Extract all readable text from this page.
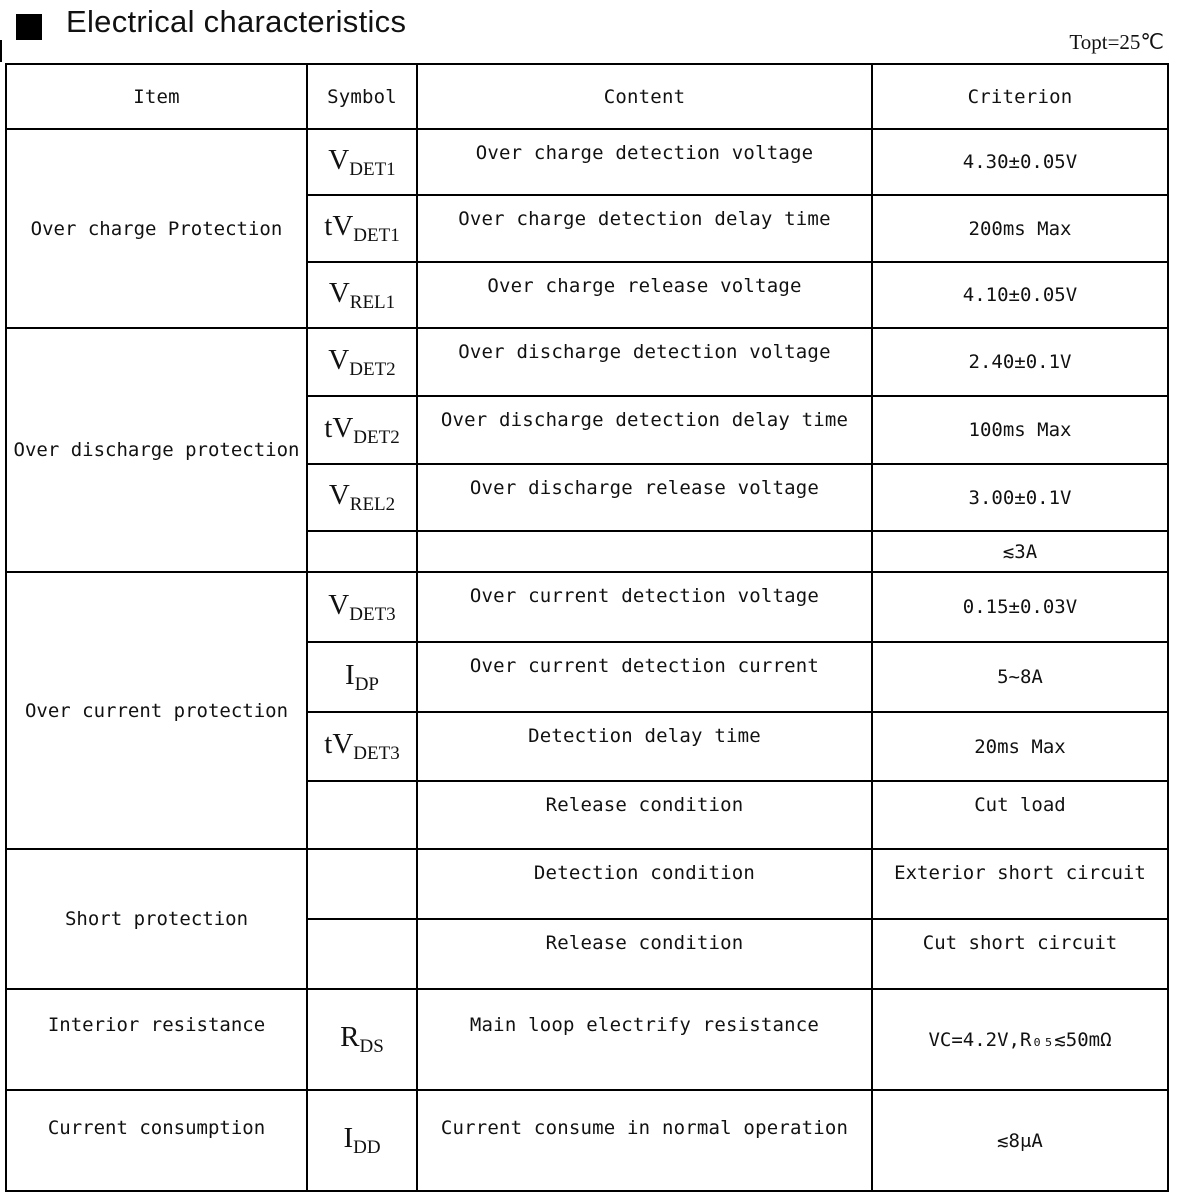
Electrical characteristics
Topt=25℃
Item	Symbol	Content	Criterion
Over charge Protection	$V_{DET1}$	Over charge detection voltage	4.30±0.05V
	$tV_{DET1}$	Over charge detection delay time	200ms Max
	$V_{REL1}$	Over charge release voltage	4.10±0.05V
Over discharge protection	$V_{DET2}$	Over discharge detection voltage	2.40±0.1V
	$tV_{DET2}$	Over discharge detection delay time	100ms Max
	$V_{REL2}$	Over discharge release voltage	3.00±0.1V
			≲3A
Over current protection	$V_{DET3}$	Over current detection voltage	0.15±0.03V
	$I_{DP}$	Over current detection current	5~8A
	$tV_{DET3}$	Detection delay time	20ms Max
		Release condition	Cut load
Short protection		Detection condition	Exterior short circuit
		Release condition	Cut short circuit
Interior resistance	$R_{DS}$	Main loop electrify resistance	VC=4.2V,R₀₅≲50mΩ
Current consumption	$I_{DD}$	Current consume in normal operation	≲8μA
